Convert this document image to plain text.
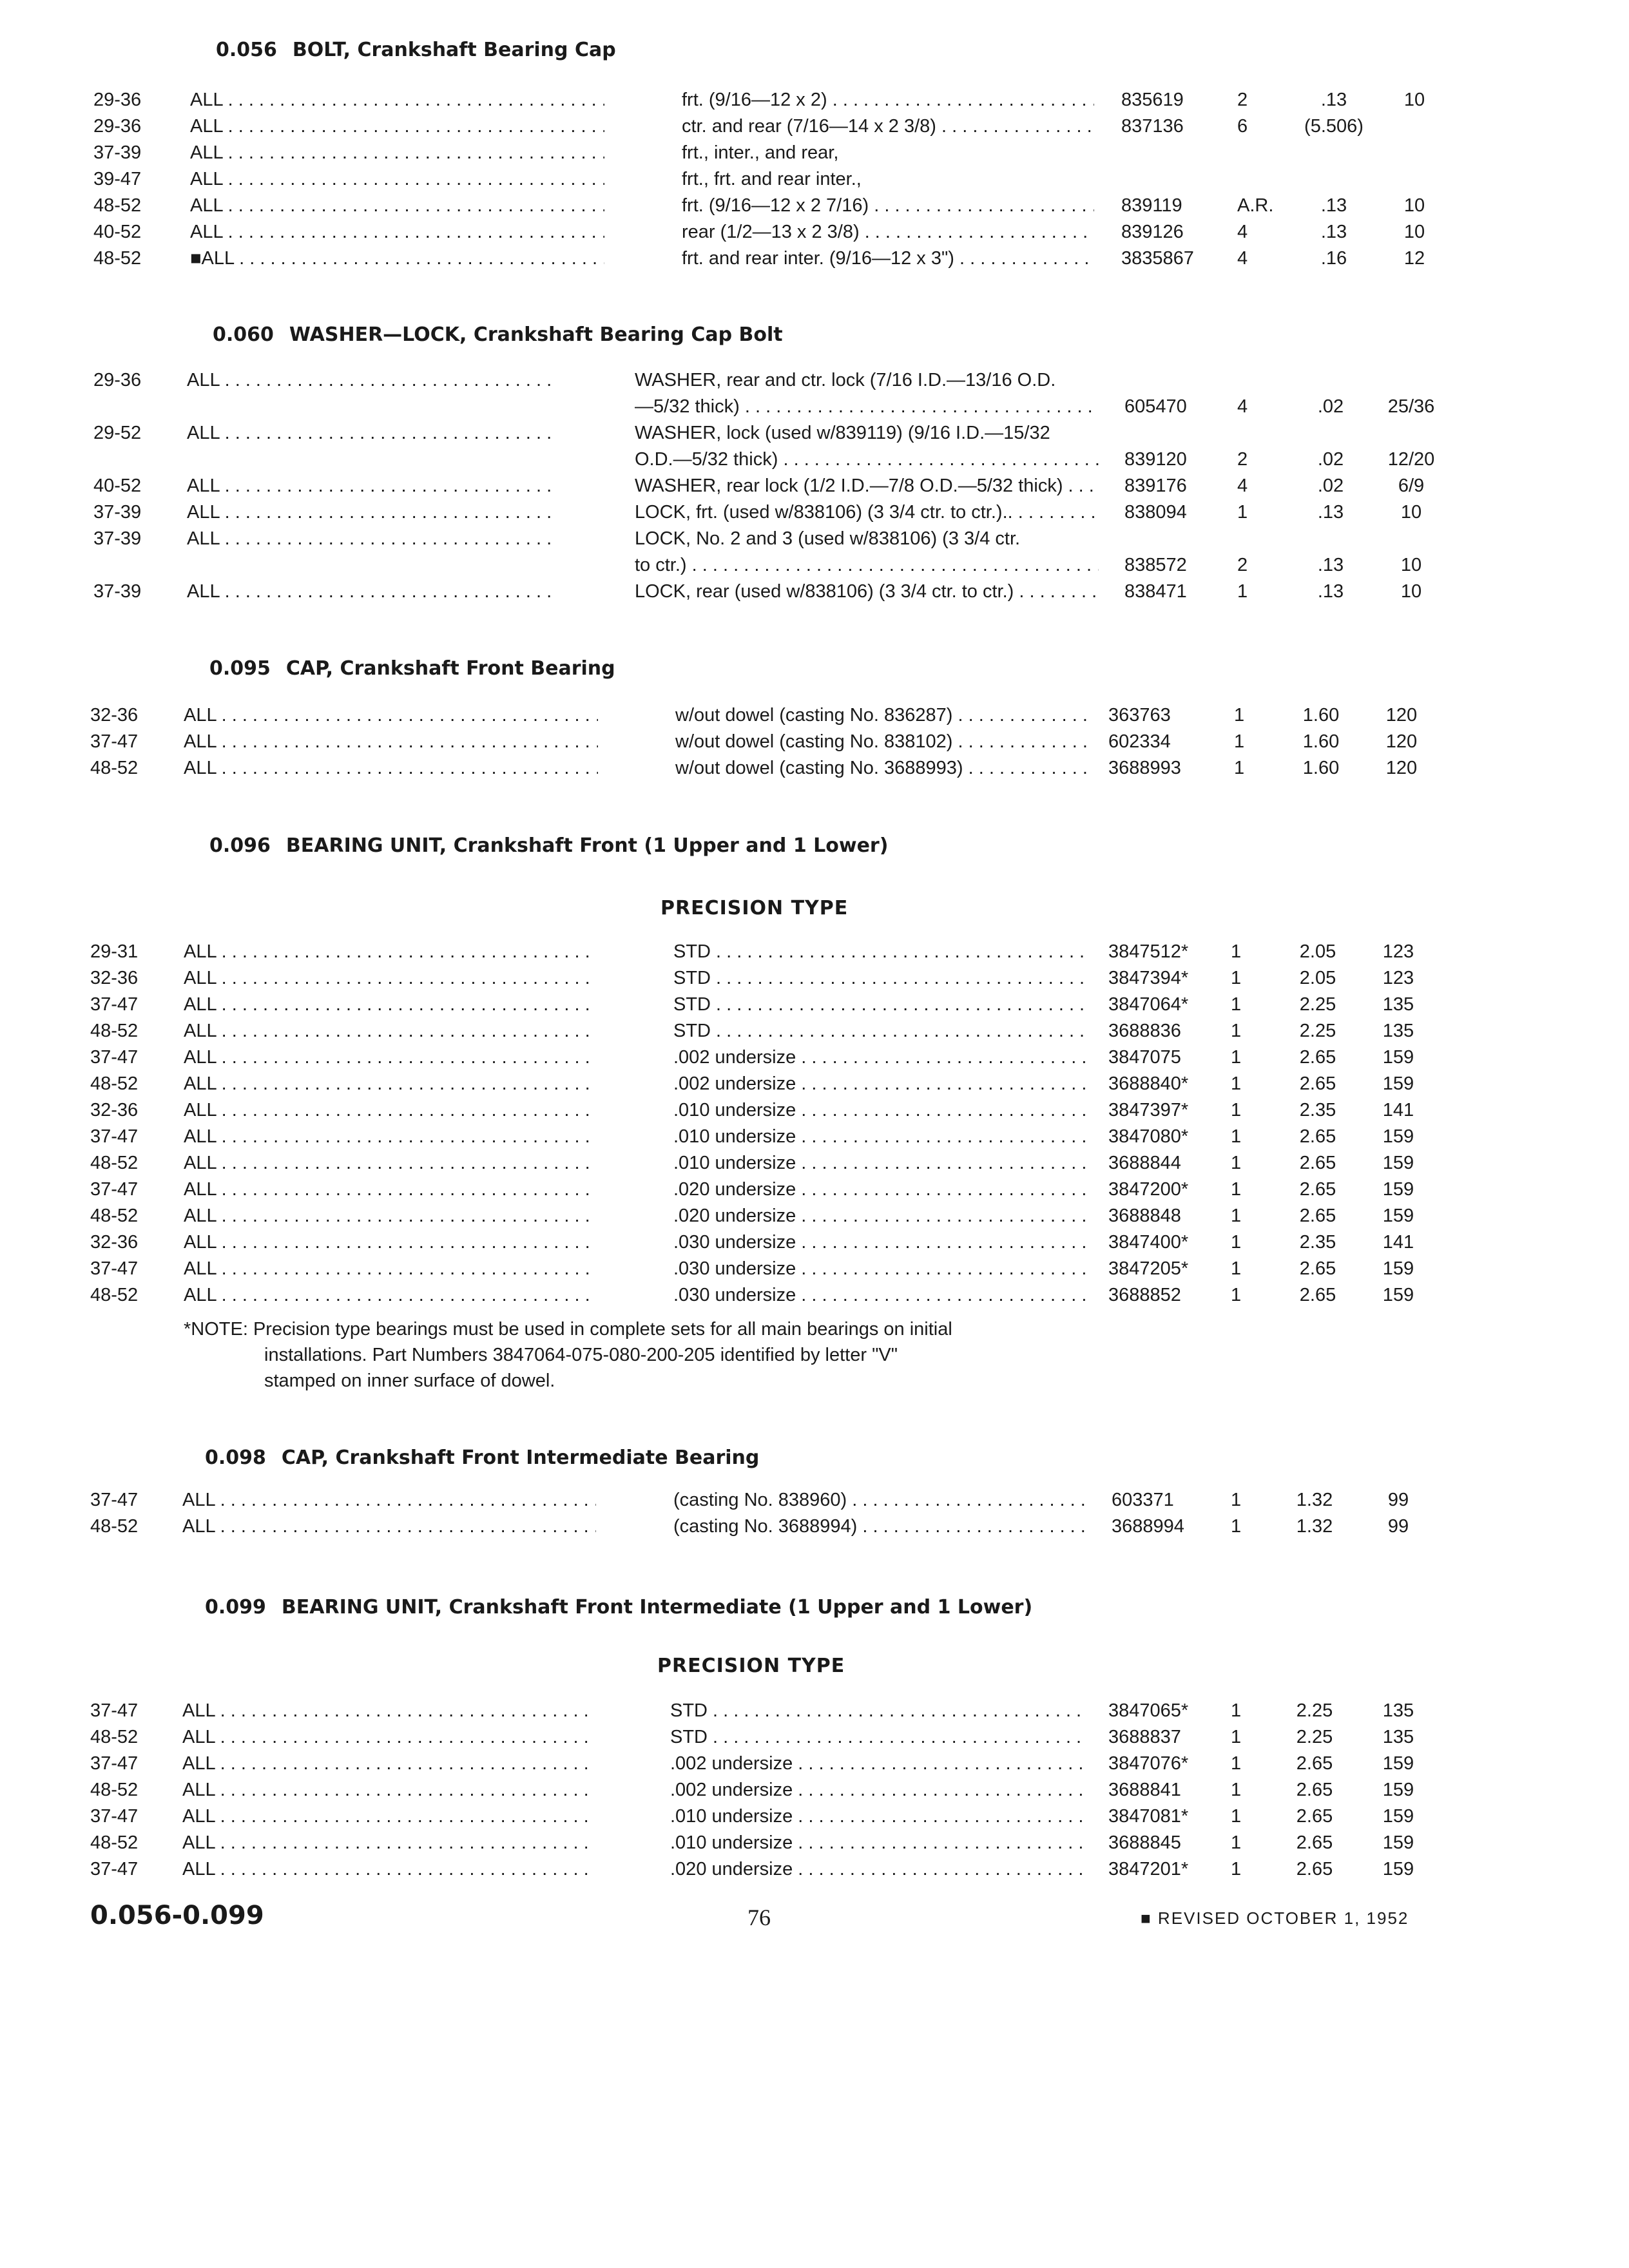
0.056 BOLT, Crankshaft Bearing Cap
29-36	ALL . . .	frt. (9/16—12 x 2) . . .	835619	2	.13	10
29-36	ALL . . .	ctr. and rear (7/16—14 x 2 3/8) . . .	837136	6	(5.506)
37-39	ALL . . .	frt., inter., and rear,
39-47	ALL . . .	frt., frt. and rear inter.,
48-52	ALL . . .	frt. (9/16—12 x 2 7/16) . . .	839119	A.R.	.13	10
40-52	ALL . . .	rear (1/2—13 x 2 3/8) . . .	839126	4	.13	10
48-52	■ALL . . .	frt. and rear inter. (9/16—12 x 3") . . .	3835867	4	.16	12
0.060 WASHER—LOCK, Crankshaft Bearing Cap Bolt
29-36	ALL . . .	WASHER, rear and ctr. lock (7/16 I.D.—13/16 O.D.
—5/32 thick) . . .	605470	4	.02	25/36
29-52	ALL . . .	WASHER, lock (used w/839119) (9/16 I.D.—15/32
O.D.—5/32 thick) . . .	839120	2	.02	12/20
40-52	ALL . . .	WASHER, rear lock (1/2 I.D.—7/8 O.D.—5/32 thick) . . .	839176	4	.02	6/9
37-39	ALL . . .	LOCK, frt. (used w/838106) (3 3/4 ctr. to ctr.).. . . .	838094	1	.13	10
37-39	ALL . . .	LOCK, No. 2 and 3 (used w/838106) (3 3/4 ctr.
to ctr.) . . .	838572	2	.13	10
37-39	ALL . . .	LOCK, rear (used w/838106) (3 3/4 ctr. to ctr.) . . .	838471	1	.13	10
0.095 CAP, Crankshaft Front Bearing
32-36	ALL . . .	w/out dowel (casting No. 836287) . . .	363763	1	1.60	120
37-47	ALL . . .	w/out dowel (casting No. 838102) . . .	602334	1	1.60	120
48-52	ALL . . .	w/out dowel (casting No. 3688993) . . .	3688993	1	1.60	120
0.096 BEARING UNIT, Crankshaft Front (1 Upper and 1 Lower)
PRECISION TYPE
29-31	ALL . . .	STD . . .	3847512*	1	2.05	123
32-36	ALL . . .	STD . . .	3847394*	1	2.05	123
37-47	ALL . . .	STD . . .	3847064*	1	2.25	135
48-52	ALL . . .	STD . . .	3688836	1	2.25	135
37-47	ALL . . .	.002 undersize . . .	3847075	1	2.65	159
48-52	ALL . . .	.002 undersize . . .	3688840*	1	2.65	159
32-36	ALL . . .	.010 undersize . . .	3847397*	1	2.35	141
37-47	ALL . . .	.010 undersize . . .	3847080*	1	2.65	159
48-52	ALL . . .	.010 undersize . . .	3688844	1	2.65	159
37-47	ALL . . .	.020 undersize . . .	3847200*	1	2.65	159
48-52	ALL . . .	.020 undersize . . .	3688848	1	2.65	159
32-36	ALL . . .	.030 undersize . . .	3847400*	1	2.35	141
37-47	ALL . . .	.030 undersize . . .	3847205*	1	2.65	159
48-52	ALL . . .	.030 undersize . . .	3688852	1	2.65	159
*NOTE: Precision type bearings must be used in complete sets for all main bearings on initial
installations. Part Numbers 3847064-075-080-200-205 identified by letter "V"
stamped on inner surface of dowel.
0.098 CAP, Crankshaft Front Intermediate Bearing
37-47	ALL . . .	(casting No. 838960) . . .	603371	1	1.32	99
48-52	ALL . . .	(casting No. 3688994) . . .	3688994	1	1.32	99
0.099 BEARING UNIT, Crankshaft Front Intermediate (1 Upper and 1 Lower)
PRECISION TYPE
37-47	ALL . . .	STD . . .	3847065*	1	2.25	135
48-52	ALL . . .	STD . . .	3688837	1	2.25	135
37-47	ALL . . .	.002 undersize . . .	3847076*	1	2.65	159
48-52	ALL . . .	.002 undersize . . .	3688841	1	2.65	159
37-47	ALL . . .	.010 undersize . . .	3847081*	1	2.65	159
48-52	ALL . . .	.010 undersize . . .	3688845	1	2.65	159
37-47	ALL . . .	.020 undersize . . .	3847201*	1	2.65	159
0.056-0.099	76	■ REVISED OCTOBER 1, 1952
